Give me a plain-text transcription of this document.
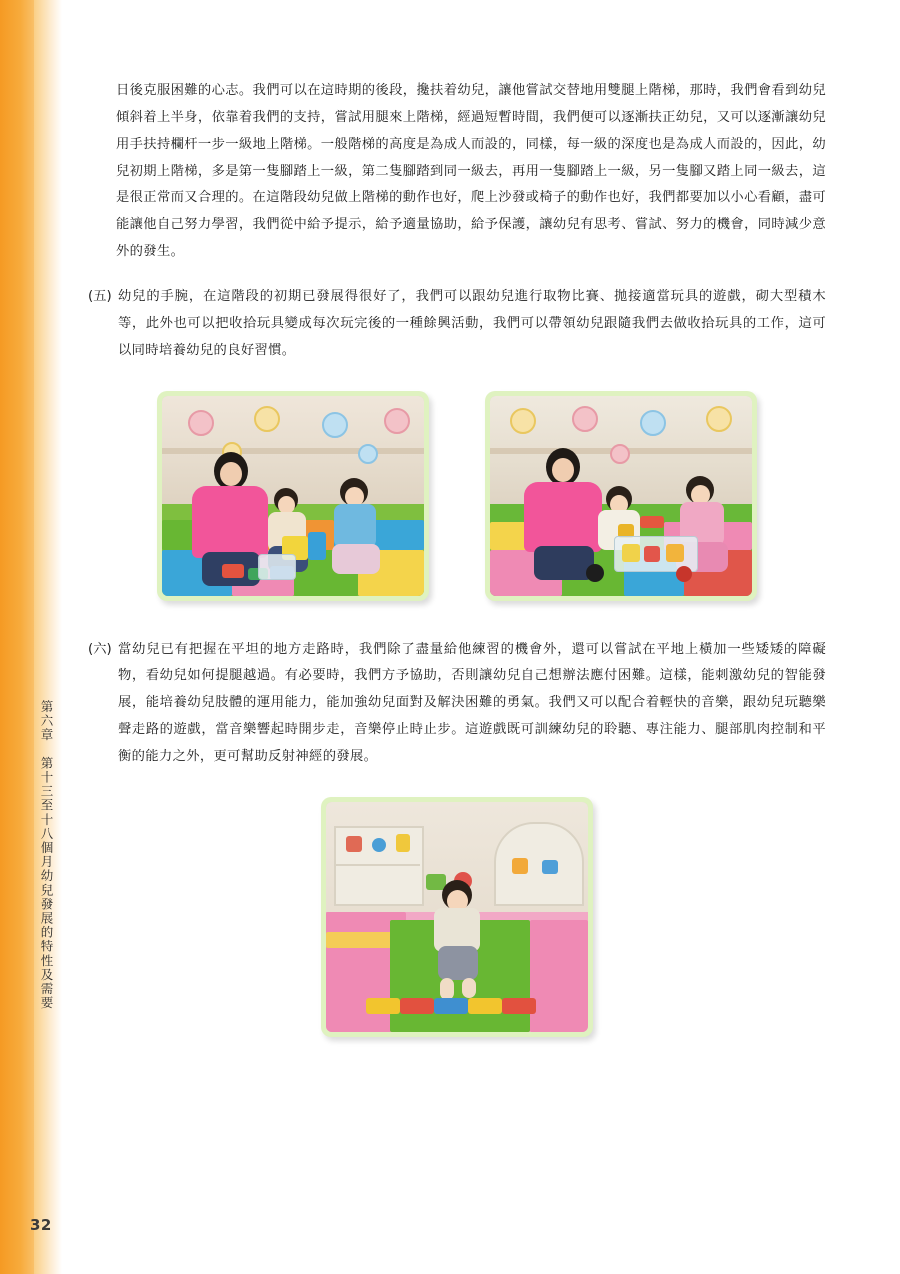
第六章　第十三至十八個月幼兒發展的特性及需要
32
日後克服困難的心志。我們可以在這時期的後段，攙扶着幼兒，讓他嘗試交替地用雙腿上階梯，那時，我們會看到幼兒傾斜着上半身，依靠着我們的支持，嘗試用腿來上階梯，經過短暫時間，我們便可以逐漸扶正幼兒，又可以逐漸讓幼兒用手扶持欄杆一步一級地上階梯。一般階梯的高度是為成人而設的，同樣，每一級的深度也是為成人而設的，因此，幼兒初期上階梯，多是第一隻腳踏上一級，第二隻腳踏到同一級去，再用一隻腳踏上一級，另一隻腳又踏上同一級去，這是很正常而又合理的。在這階段幼兒做上階梯的動作也好，爬上沙發或椅子的動作也好，我們都要加以小心看顧，盡可能讓他自己努力學習，我們從中給予提示，給予適量協助，給予保護，讓幼兒有思考、嘗試、努力的機會，同時減少意外的發生。
(五) 幼兒的手腕，在這階段的初期已發展得很好了，我們可以跟幼兒進行取物比賽、拋接適當玩具的遊戲，砌大型積木等，此外也可以把收拾玩具變成每次玩完後的一種餘興活動，我們可以帶領幼兒跟隨我們去做收拾玩具的工作，這可以同時培養幼兒的良好習慣。
(六) 當幼兒已有把握在平坦的地方走路時，我們除了盡量給他練習的機會外，還可以嘗試在平地上橫加一些矮矮的障礙物，看幼兒如何提腿越過。有必要時，我們方予協助，否則讓幼兒自己想辦法應付困難。這樣，能刺激幼兒的智能發展，能培養幼兒肢體的運用能力，能加強幼兒面對及解決困難的勇氣。我們又可以配合着輕快的音樂，跟幼兒玩聽樂聲走路的遊戲，當音樂響起時開步走，音樂停止時止步。這遊戲既可訓練幼兒的聆聽、專注能力、腿部肌肉控制和平衡的能力之外，更可幫助反射神經的發展。
